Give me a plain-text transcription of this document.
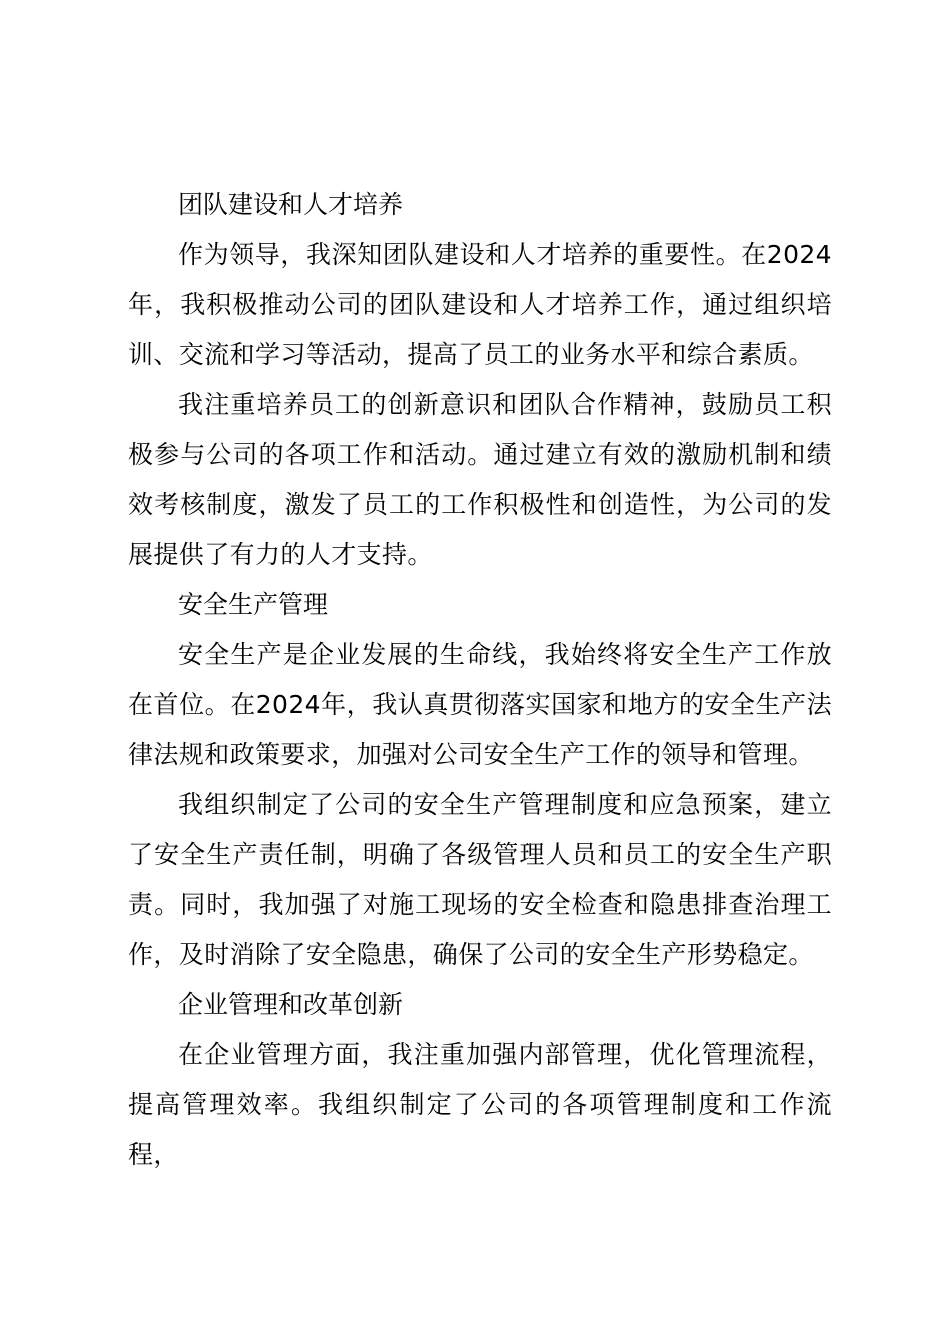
团队建设和人才培养

作为领导，我深知团队建设和人才培养的重要性。在2024年，我积极推动公司的团队建设和人才培养工作，通过组织培训、交流和学习等活动，提高了员工的业务水平和综合素质。

我注重培养员工的创新意识和团队合作精神，鼓励员工积极参与公司的各项工作和活动。通过建立有效的激励机制和绩效考核制度，激发了员工的工作积极性和创造性，为公司的发展提供了有力的人才支持。

安全生产管理

安全生产是企业发展的生命线，我始终将安全生产工作放在首位。在2024年，我认真贯彻落实国家和地方的安全生产法律法规和政策要求，加强对公司安全生产工作的领导和管理。

我组织制定了公司的安全生产管理制度和应急预案，建立了安全生产责任制，明确了各级管理人员和员工的安全生产职责。同时，我加强了对施工现场的安全检查和隐患排查治理工作，及时消除了安全隐患，确保了公司的安全生产形势稳定。

企业管理和改革创新

在企业管理方面，我注重加强内部管理，优化管理流程，提高管理效率。我组织制定了公司的各项管理制度和工作流程，
